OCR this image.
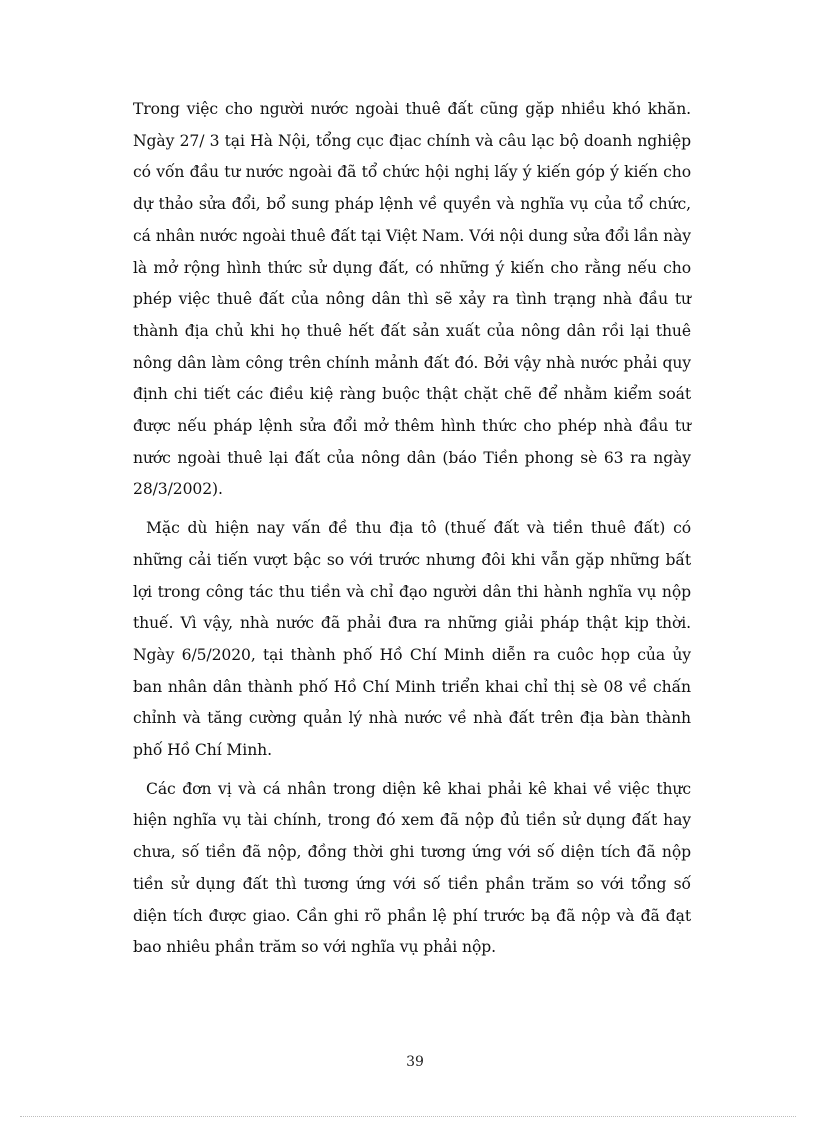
Trong việc cho người nước ngoài thuê đất cũng gặp nhiều khó khăn. Ngày 27/ 3 tại Hà Nội, tổng cục địac chính và câu lạc bộ doanh nghiệp có vốn đầu tư nước ngoài đã tổ chức hội nghị lấy ý kiến góp ý kiến cho dự thảo sửa đổi, bổ sung pháp lệnh về quyền và nghĩa vụ của tổ chức, cá nhân nước ngoài thuê đất tại Việt Nam. Với nội dung sửa đổi lần này là mở rộng hình thức sử dụng đất, có những ý kiến cho rằng nếu cho phép việc thuê đất của nông dân thì sẽ xảy ra tình trạng nhà đầu tư thành địa chủ khi họ thuê hết đất sản xuất của nông dân rồi lại thuê nông dân làm công trên chính mảnh đất đó. Bởi vậy nhà nước phải quy định chi tiết các điều kiệ ràng buộc thật chặt chẽ để nhằm kiểm soát được nếu pháp lệnh sửa đổi mở thêm hình thức cho phép nhà đầu tư nước ngoài thuê lại đất của nông dân (báo Tiền phong sè 63 ra ngày 28/3/2002).

Mặc dù hiện nay vấn đề thu địa tô (thuế đất và tiền thuê đất) có những cải tiến vượt bậc so với trước nhưng đôi khi vẫn gặp những bất lợi trong công tác thu tiền và chỉ đạo người dân thi hành nghĩa vụ nộp thuế. Vì vậy, nhà nước đã phải đưa ra những giải pháp thật kịp thời. Ngày 6/5/2020, tại thành phố Hồ Chí Minh diễn ra cuôc họp của ủy ban nhân dân thành phố Hồ Chí Minh triển khai chỉ thị sè 08 về chấn chỉnh và tăng cường quản lý nhà nước về nhà đất trên địa bàn thành phố Hồ Chí Minh.

Các đơn vị và cá nhân trong diện kê khai phải kê khai về việc thực hiện nghĩa vụ tài chính, trong đó xem đã nộp đủ tiền sử dụng đất hay chưa, số tiền đã nộp, đồng thời ghi tương ứng với số diện tích đã nộp tiền sử dụng đất thì tương ứng với số tiền phần trăm so với tổng số diện tích được giao. Cần ghi rõ phần lệ phí trước bạ đã nộp và đã đạt bao nhiêu phần trăm so với nghĩa vụ phải nộp.

39
